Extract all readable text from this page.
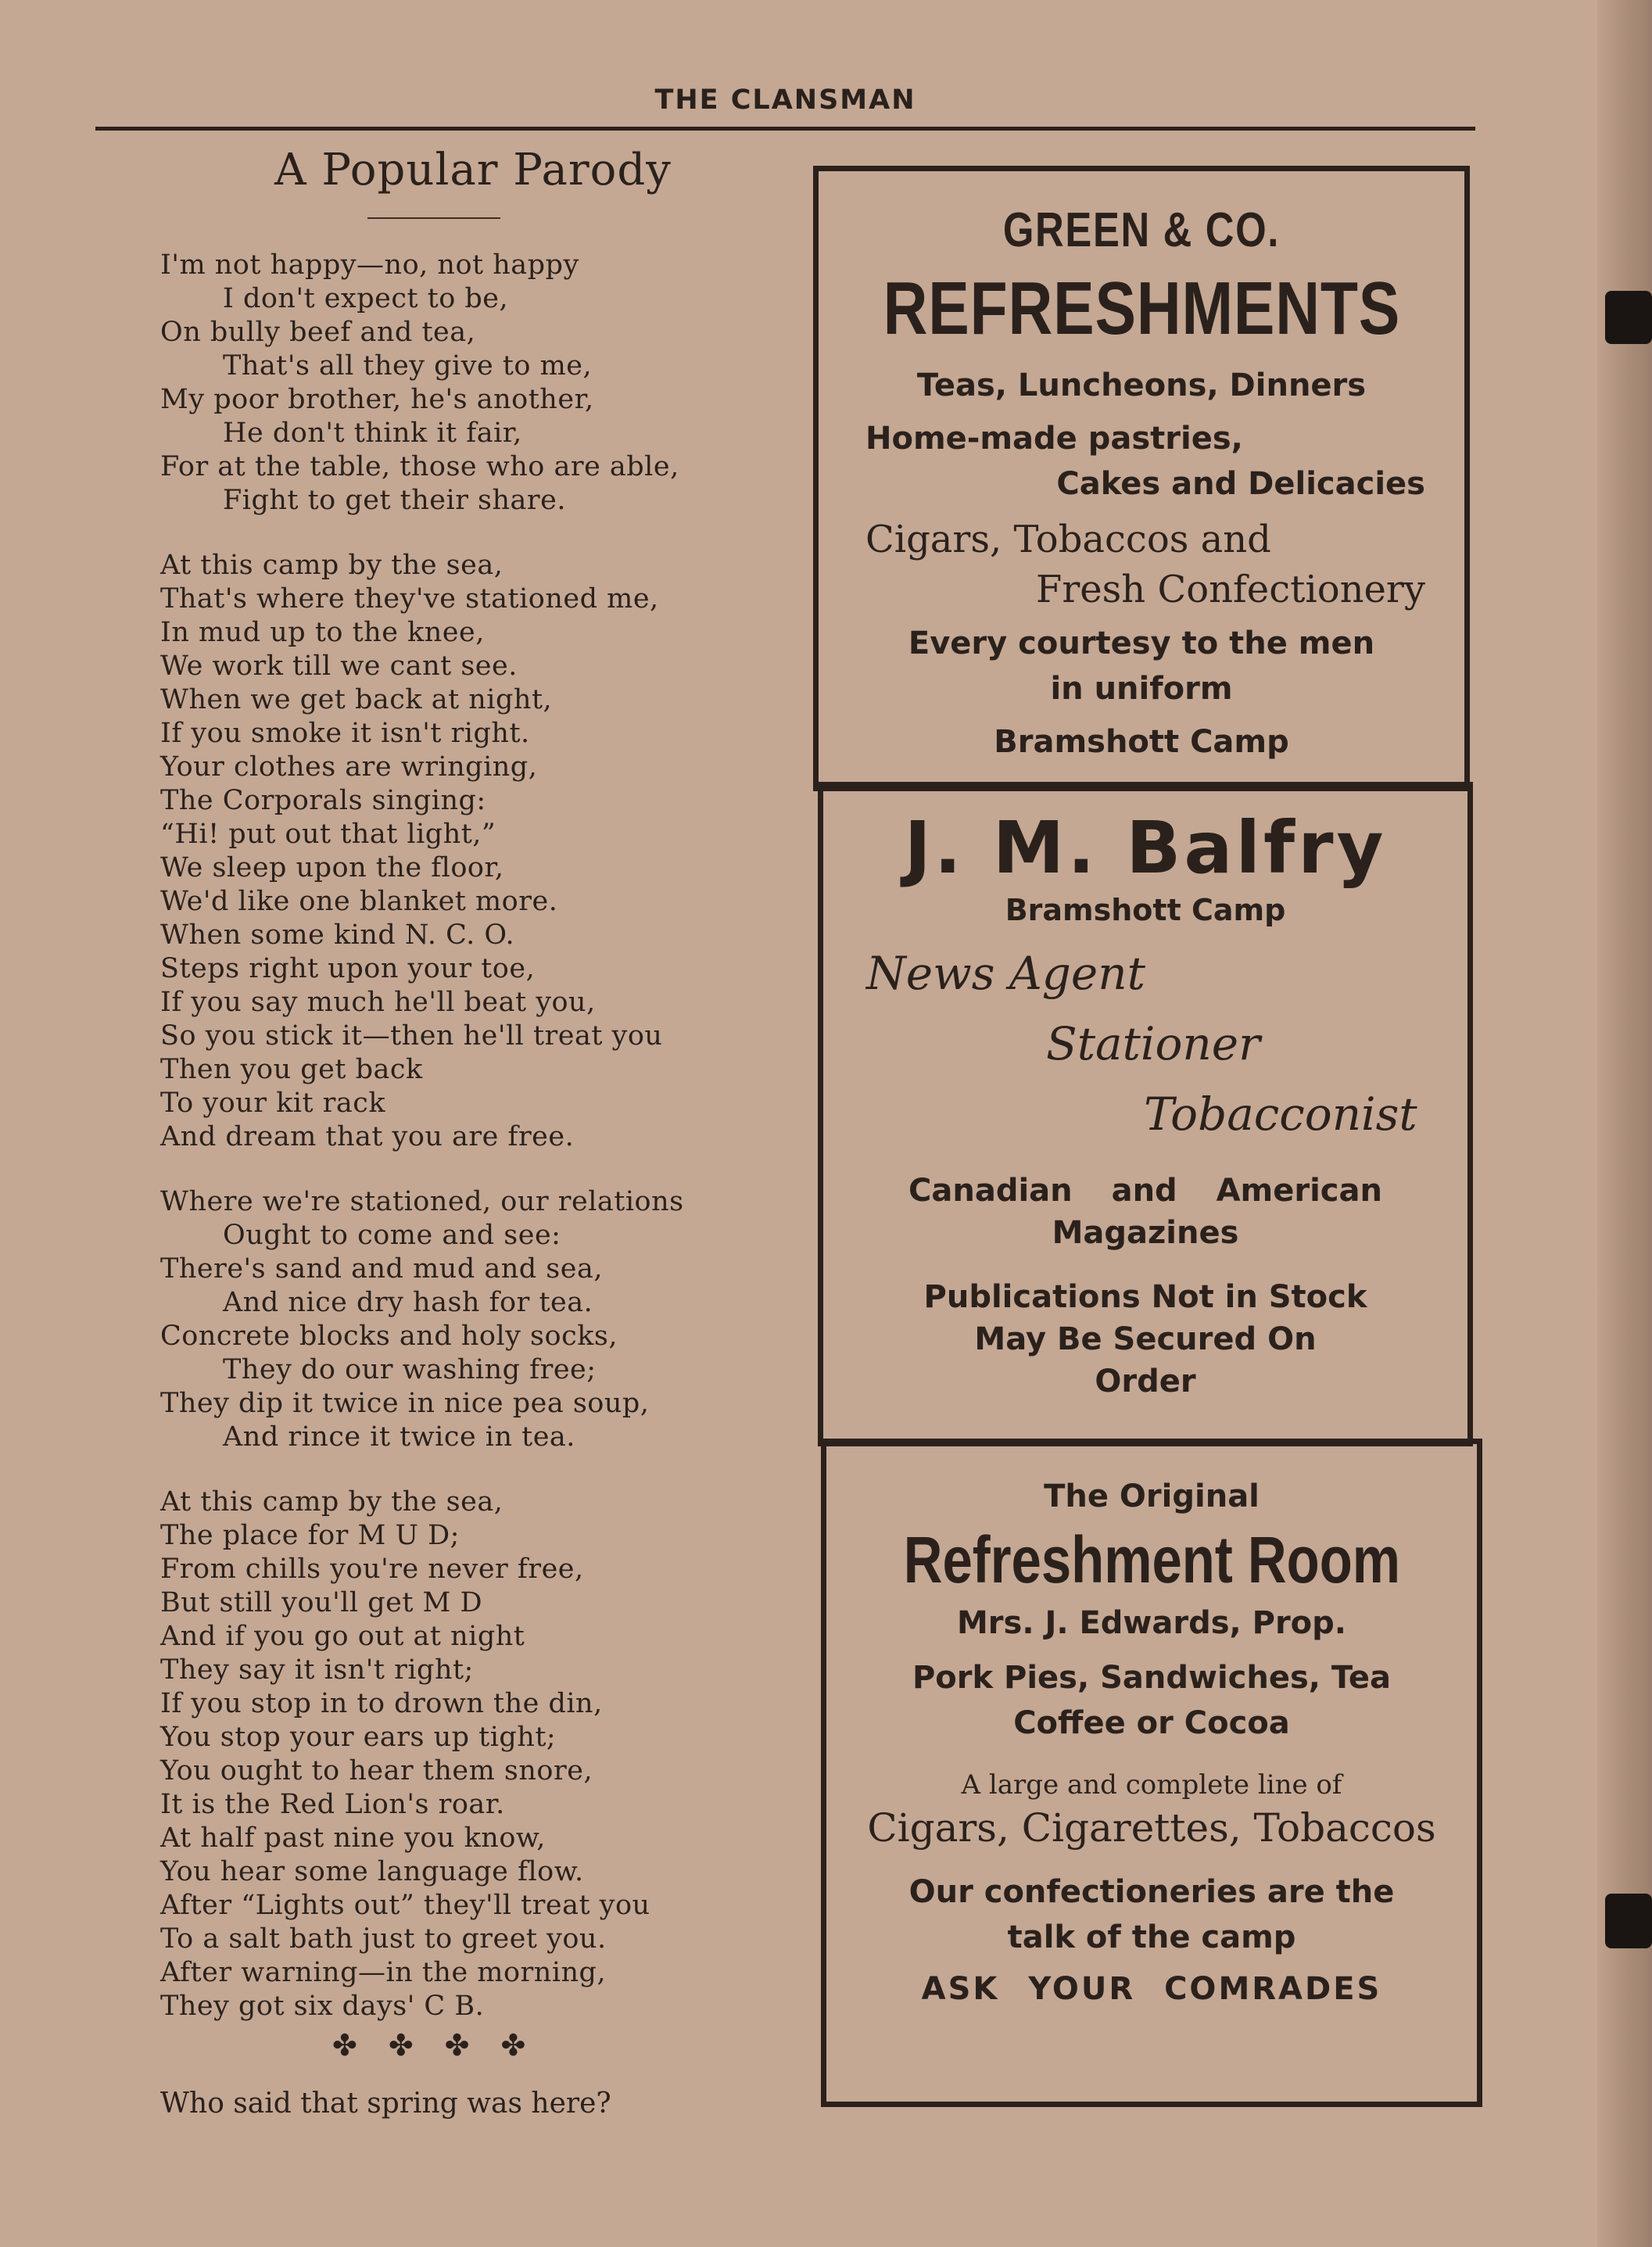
THE CLANSMAN
A Popular Parody
I'm not happy—no, not happy
I don't expect to be,
On bully beef and tea,
That's all they give to me,
My poor brother, he's another,
He don't think it fair,
For at the table, those who are able,
Fight to get their share.
At this camp by the sea,
That's where they've stationed me,
In mud up to the knee,
We work till we cant see.
When we get back at night,
If you smoke it isn't right.
Your clothes are wringing,
The Corporals singing:
“Hi! put out that light,”
We sleep upon the floor,
We'd like one blanket more.
When some kind N. C. O.
Steps right upon your toe,
If you say much he'll beat you,
So you stick it—then he'll treat you
Then you get back
To your kit rack
And dream that you are free.
Where we're stationed, our relations
Ought to come and see:
There's sand and mud and sea,
And nice dry hash for tea.
Concrete blocks and holy socks,
They do our washing free;
They dip it twice in nice pea soup,
And rince it twice in tea.
At this camp by the sea,
The place for M U D;
From chills you're never free,
But still you'll get M D
And if you go out at night
They say it isn't right;
If you stop in to drown the din,
You stop your ears up tight;
You ought to hear them snore,
It is the Red Lion's roar.
At half past nine you know,
You hear some language flow.
After “Lights out” they'll treat you
To a salt bath just to greet you.
After warning—in the morning,
They got six days' C B.
✤✤✤✤
Who said that spring was here?
GREEN & CO.
REFRESHMENTS
Teas, Luncheons, Dinners
Home-made pastries,
Cakes and Delicacies
Cigars, Tobaccos and
Fresh Confectionery
Every courtesy to the men
in uniform
Bramshott Camp
J. M. Balfry
Bramshott Camp
News Agent
Stationer
Tobacconist
Canadian and American
Magazines
Publications Not in Stock
May Be Secured On
Order
The Original
Refreshment Room
Mrs. J. Edwards, Prop.
Pork Pies, Sandwiches, Tea
Coffee or Cocoa
A large and complete line of
Cigars, Cigarettes, Tobaccos
Our confectioneries are the
talk of the camp
ASK YOUR COMRADES
